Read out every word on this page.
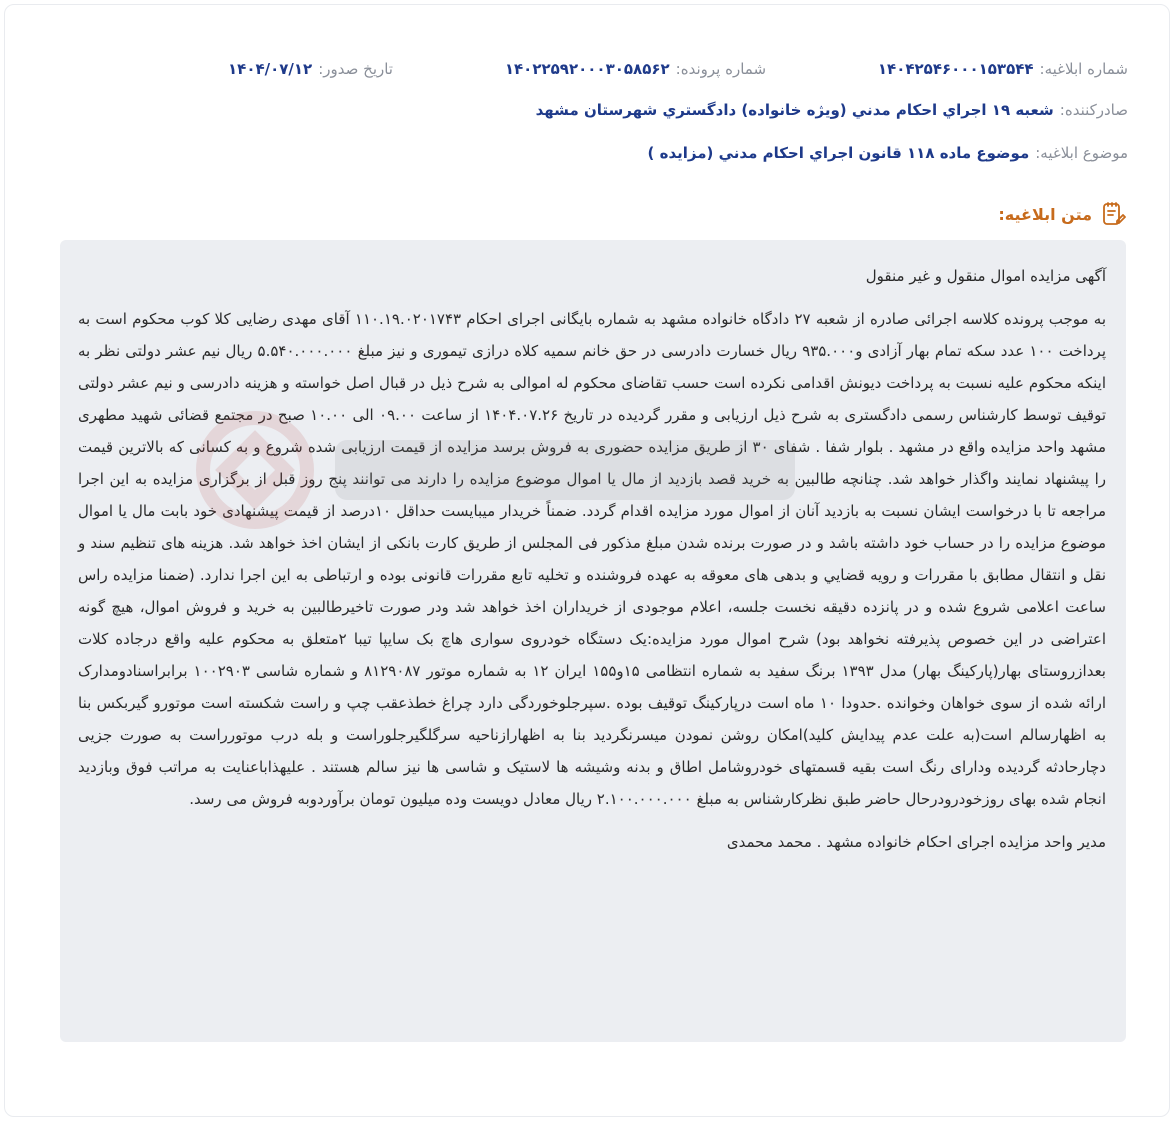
شماره ابلاغيه:
۱۴۰۴۲۵۴۶۰۰۰۱۵۳۵۴۴
شماره پرونده:
۱۴۰۲۲۵۹۲۰۰۰۳۰۵۸۵۶۲
تاريخ صدور:
۱۴۰۴/۰۷/۱۲
صادرکننده:
شعبه ۱۹ اجراي احکام مدني (ويژه خانواده) دادگستري شهرستان مشهد
موضوع ابلاغيه:
موضوع ماده ۱۱۸ قانون اجراي احکام مدني (مزايده )
متن ابلاغيه:

آگهی مزایده اموال منقول و غیر منقول

به موجب پرونده کلاسه اجرائی صادره از شعبه ۲۷ دادگاه خانواده مشهد به شماره بایگانی اجرای احکام ۱۱۰.۱۹.۰۲۰۱۷۴۳ آقای مهدی رضایی کلا کوب محکوم است به پرداخت ۱۰۰ عدد سکه تمام بهار آزادی و۹۳۵.۰۰۰ ریال خسارت دادرسی در حق خانم سمیه کلاه درازی تیموری و نیز مبلغ ۵.۵۴۰.۰۰۰.۰۰۰ ریال نیم عشر دولتی نظر به اینکه محکوم علیه نسبت به پرداخت دیونش اقدامی نکرده است حسب تقاضای محکوم له اموالی به شرح ذیل در قبال اصل خواسته و هزینه دادرسی و نیم عشر دولتی توقیف توسط کارشناس رسمی دادگستری به شرح ذیل ارزیابی و مقرر گردیده در تاریخ ۱۴۰۴.۰۷.۲۶ از ساعت ۰۹.۰۰ الی ۱۰.۰۰ صبح در مجتمع قضائی شهید مطهری مشهد واحد مزایده واقع در مشهد . بلوار شفا . شفای ۳۰ از طریق مزایده حضوری به فروش برسد مزایده از قیمت ارزیابی شده شروع و به کسانی که بالاترین قیمت را پیشنهاد نمایند واگذار خواهد شد. چنانچه طالبین به خرید قصد بازدید از مال یا اموال موضوع مزایده را دارند می توانند پنج روز قبل از برگزاری مزایده به این اجرا مراجعه تا با درخواست ایشان نسبت به بازدید آنان از اموال مورد مزایده اقدام گردد. ضمناً خریدار میبایست حداقل ۱۰درصد از قیمت پیشنهادی خود بابت مال یا اموال موضوع مزایده را در حساب خود داشته باشد و در صورت برنده شدن مبلغ مذکور فی المجلس از طریق کارت بانکی از ایشان اخذ خواهد شد. هزینه های تنظیم سند و نقل و انتقال مطابق با مقررات و رويه قضايي و بدهی های معوقه به عهده فروشنده و تخلیه تابع مقررات قانونی بوده و ارتباطی به این اجرا ندارد. (ضمنا مزایده راس ساعت اعلامی شروع شده و در پانزده دقیقه نخست جلسه، اعلام موجودی از خریداران اخذ خواهد شد ودر صورت تاخیرطالبین به خرید و فروش اموال، هیچ گونه اعتراضی در این خصوص پذیرفته نخواهد بود) شرح اموال مورد مزایده:یک دستگاه خودروی سواری هاچ بک سایپا تیبا ۲متعلق به محکوم علیه واقع درجاده کلات بعدازروستای بهار(پارکینگ بهار) مدل ۱۳۹۳ برنگ سفید به شماره انتظامی ۱۵و۱۵۵ ایران ۱۲ به شماره موتور ۸۱۲۹۰۸۷ و شماره شاسی ۱۰۰۲۹۰۳ برابراسنادومدارک ارائه شده از سوی خواهان وخوانده .حدودا ۱۰ ماه است درپارکینگ توقیف بوده .سپرجلوخوردگی دارد چراغ خطذعقب چپ و راست شکسته است موتورو گیربکس بنا به اظهارسالم است(به علت عدم پیدایش کلید)امکان روشن نمودن میسرنگردید بنا به اظهارازناحیه سرگلگیرجلوراست و بله درب موتورراست به صورت جزیی دچارحادثه گردیده ودارای رنگ است بقیه قسمتهای خودروشامل اطاق و بدنه وشیشه ها لاستیک و شاسی ها نیز سالم هستند . علیهذاباعنایت به مراتب فوق وبازدید انجام شده بهای روزخودرودرحال حاضر طبق نظرکارشناس به مبلغ ۲.۱۰۰.۰۰۰.۰۰۰ ریال معادل دویست وده میلیون تومان برآوردوبه فروش می رسد.

مدیر واحد مزایده اجرای احکام خانواده مشهد . محمد محمدی
